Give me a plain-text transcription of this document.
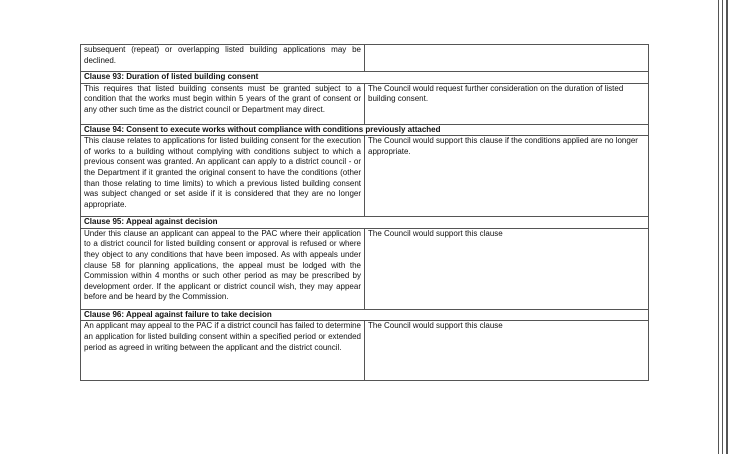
subsequent (repeat) or overlapping listed building applications may be declined.	

Clause 93: Duration of listed building consent	
This requires that listed building consents must be granted subject to a condition that the works must begin within 5 years of the grant of consent or any other such time as the district council or Department may direct.	The Council would request further consideration on the duration of listed building consent.
Clause 94: Consent to execute works without compliance with conditions previously attached	
This clause relates to applications for listed building consent for the execution of works to a building without complying with conditions subject to which a previous consent was granted. An applicant can apply to a district council - or the Department if it granted the original consent to have the conditions (other than those relating to time limits) to which a previous listed building consent was subject changed or set aside if it is considered that they are no longer appropriate.	The Council would support this clause if the conditions applied are no longer appropriate.
Clause 95: Appeal against decision	
Under this clause an applicant can appeal to the PAC where their application to a district council for listed building consent or approval is refused or where they object to any conditions that have been imposed. As with appeals under clause 58 for planning applications, the appeal must be lodged with the Commission within 4 months or such other period as may be prescribed by development order. If the applicant or district council wish, they may appear before and be heard by the Commission.	The Council would support this clause
Clause 96: Appeal against failure to take decision	
An applicant may appeal to the PAC if a district council has failed to determine an application for listed building consent within a specified period or extended period as agreed in writing between the applicant and the district council.	The Council would support this clause
